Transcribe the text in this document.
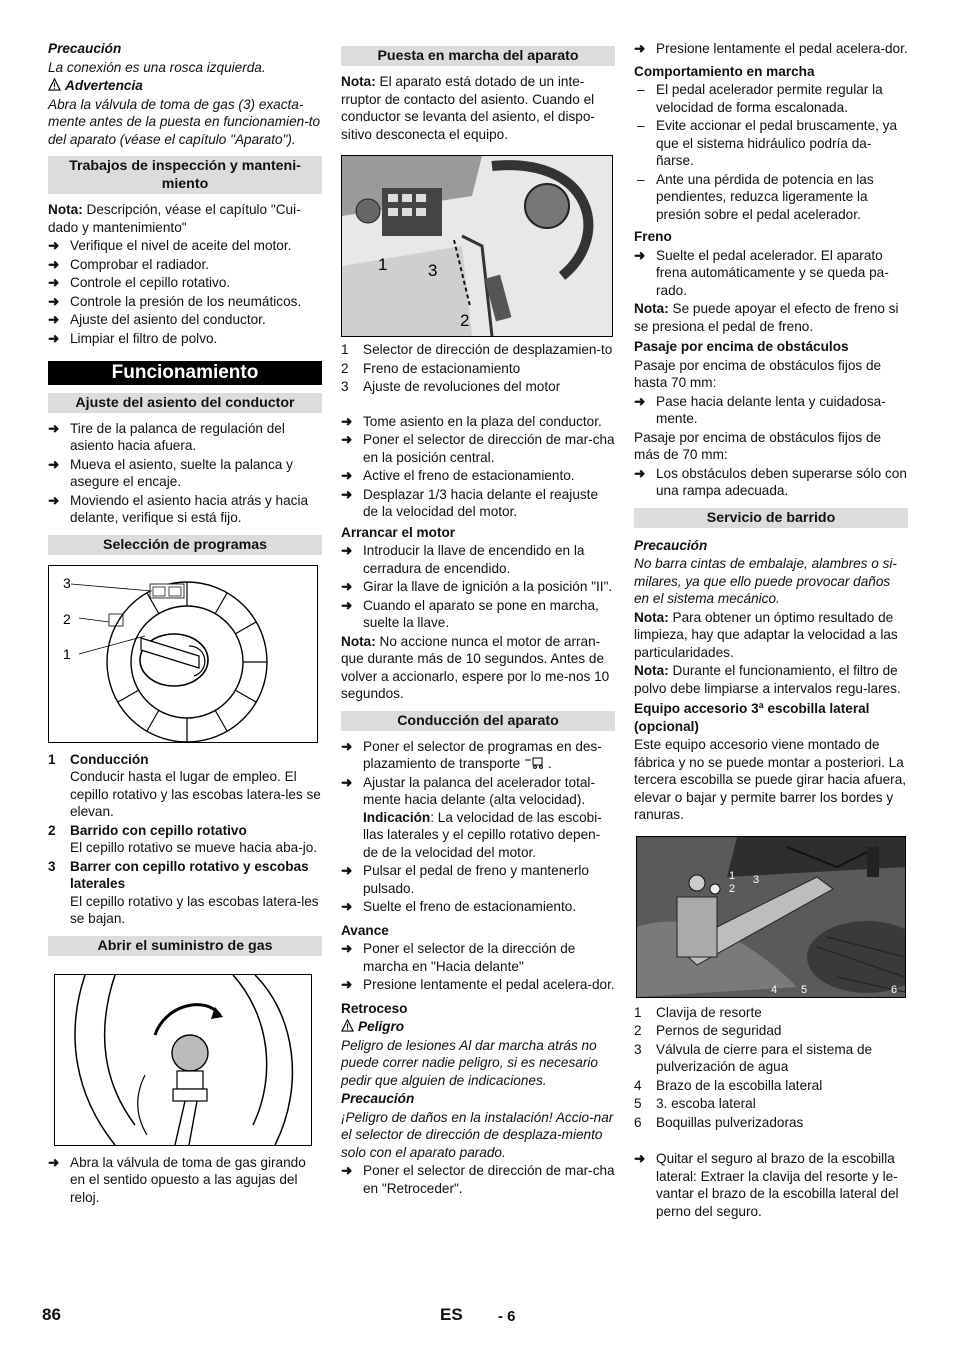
Precaución

La conexión es una rosca izquierda.

Advertencia

Abra la válvula de toma de gas (3) exacta-mente antes de la puesta en funcionamien-to del aparato (véase el capítulo "Aparato").

Trabajos de inspección y manteni-miento

Nota: Descripción, véase el capítulo "Cui-dado y mantenimiento"

➜ Verifique el nivel de aceite del motor.
➜ Comprobar el radiador.
➜ Controle el cepillo rotativo.
➜ Controle la presión de los neumáticos.
➜ Ajuste del asiento del conductor.
➜ Limpiar el filtro de polvo.
Funcionamiento
Ajuste del asiento del conductor
➜ Tire de la palanca de regulación del asiento hacia afuera.
➜ Mueva el asiento, suelte la palanca y asegure el encaje.
➜ Moviendo el asiento hacia atrás y hacia delante, verifique si está fijo.
Selección de programas
3
2
1
1 Conducción
Conducir hasta el lugar de empleo. El cepillo rotativo y las escobas latera-les se elevan.
2 Barrido con cepillo rotativo
El cepillo rotativo se mueve hacia aba-jo.
3 Barrer con cepillo rotativo y escobas laterales
El cepillo rotativo y las escobas latera-les se bajan.
Abrir el suministro de gas
➜ Abra la válvula de toma de gas girando en el sentido opuesto a las agujas del reloj.
Puesta en marcha del aparato

Nota: El aparato está dotado de un inte-rruptor de contacto del asiento. Cuando el conductor se levanta del asiento, el dispo-sitivo desconecta el equipo.

1 3
2
1 Selector de dirección de desplazamien-to
2 Freno de estacionamiento
3 Ajuste de revoluciones del motor
➜ Tome asiento en la plaza del conductor.
➜ Poner el selector de dirección de mar-cha en la posición central.
➜ Active el freno de estacionamiento.
➜ Desplazar 1/3 hacia delante el reajuste de la velocidad del motor.

Arrancar el motor

➜ Introducir la llave de encendido en la cerradura de encendido.
➜ Girar la llave de ignición a la posición "II".
➜ Cuando el aparato se pone en marcha, suelte la llave.

Nota: No accione nunca el motor de arran-que durante más de 10 segundos. Antes de volver a accionarlo, espere por lo me-nos 10 segundos.

Conducción del aparato
➜ Poner el selector de programas en des-plazamiento de transporte .
➜ Ajustar la palanca del acelerador total-mente hacia delante (alta velocidad).
Indicación: La velocidad de las escobi-llas laterales y el cepillo rotativo depen-de de la velocidad del motor.
➜ Pulsar el pedal de freno y mantenerlo pulsado.
➜ Suelte el freno de estacionamiento.

Avance

➜ Poner el selector de la dirección de marcha en "Hacia delante"
➜ Presione lentamente el pedal acelera-dor.

Retroceso

Peligro

Peligro de lesiones Al dar marcha atrás no puede correr nadie peligro, si es necesario pedir que alguien de indicaciones.

Precaución

¡Peligro de daños en la instalación! Accio-nar el selector de dirección de desplaza-miento solo con el aparato parado.

➜ Poner el selector de dirección de mar-cha en "Retroceder".
➜ Presione lentamente el pedal acelera-dor.

Comportamiento en marcha

– El pedal acelerador permite regular la velocidad de forma escalonada.
– Evite accionar el pedal bruscamente, ya que el sistema hidráulico podría da-ñarse.
– Ante una pérdida de potencia en las pendientes, reduzca ligeramente la presión sobre el pedal acelerador.

Freno

➜ Suelte el pedal acelerador. El aparato frena automáticamente y se queda pa-rado.

Nota: Se puede apoyar el efecto de freno si se presiona el pedal de freno.

Pasaje por encima de obstáculos

Pasaje por encima de obstáculos fijos de hasta 70 mm:

➜ Pase hacia delante lenta y cuidadosa-mente.

Pasaje por encima de obstáculos fijos de más de 70 mm:

➜ Los obstáculos deben superarse sólo con una rampa adecuada.
Servicio de barrido

Precaución

No barra cintas de embalaje, alambres o si-milares, ya que ello puede provocar daños en el sistema mecánico.

Nota: Para obtener un óptimo resultado de limpieza, hay que adaptar la velocidad a las particularidades.

Nota: Durante el funcionamiento, el filtro de polvo debe limpiarse a intervalos regu-lares.

Equipo accesorio 3ª escobilla lateral (opcional)

Este equipo accesorio viene montado de fábrica y no se puede montar a posteriori. La tercera escobilla se puede girar hacia afuera, elevar o bajar y permite barrer los bordes y ranuras.

1
2
3
4 5	6
1 Clavija de resorte
2 Pernos de seguridad
3 Válvula de cierre para el sistema de pulverización de agua
4 Brazo de la escobilla lateral
5 3. escoba lateral
6 Boquillas pulverizadoras
➜ Quitar el seguro al brazo de la escobilla lateral: Extraer la clavija del resorte y le-vantar el brazo de la escobilla lateral del perno del seguro.
86	ES - 6
